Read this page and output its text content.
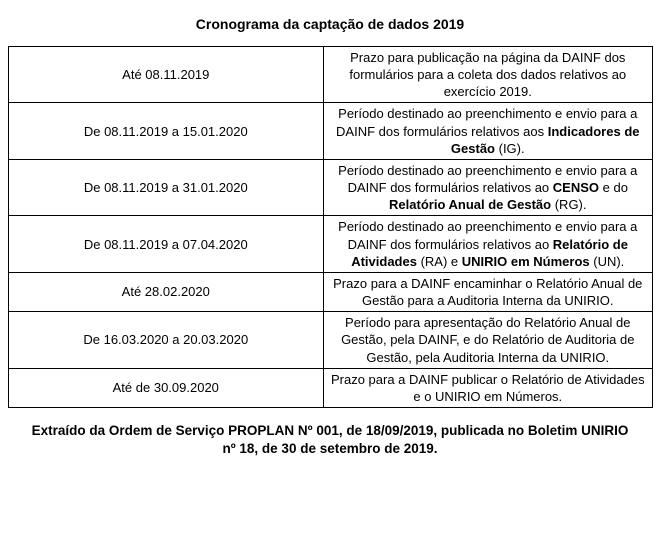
Cronograma da captação de dados 2019
Até 08.11.2019	Prazo para publicação na página da DAINF dos formulários para a coleta dos dados relativos ao exercício 2019.
De 08.11.2019 a 15.01.2020	Período destinado ao preenchimento e envio para a DAINF dos formulários relativos aos Indicadores de Gestão (IG).
De 08.11.2019 a 31.01.2020	Período destinado ao preenchimento e envio para a DAINF dos formulários relativos ao CENSO e do Relatório Anual de Gestão (RG).
De 08.11.2019 a 07.04.2020	Período destinado ao preenchimento e envio para a DAINF dos formulários relativos ao Relatório de Atividades (RA) e UNIRIO em Números (UN).
Até 28.02.2020	Prazo para a DAINF encaminhar o Relatório Anual de Gestão para a Auditoria Interna da UNIRIO.
De 16.03.2020 a 20.03.2020	Período para apresentação do Relatório Anual de Gestão, pela DAINF, e do Relatório de Auditoria de Gestão, pela Auditoria Interna da UNIRIO.
Até de 30.09.2020	Prazo para a DAINF publicar o Relatório de Atividades e o UNIRIO em Números.

Extraído da Ordem de Serviço PROPLAN Nº 001, de 18/09/2019, publicada no Boletim UNIRIO nº 18, de 30 de setembro de 2019.
